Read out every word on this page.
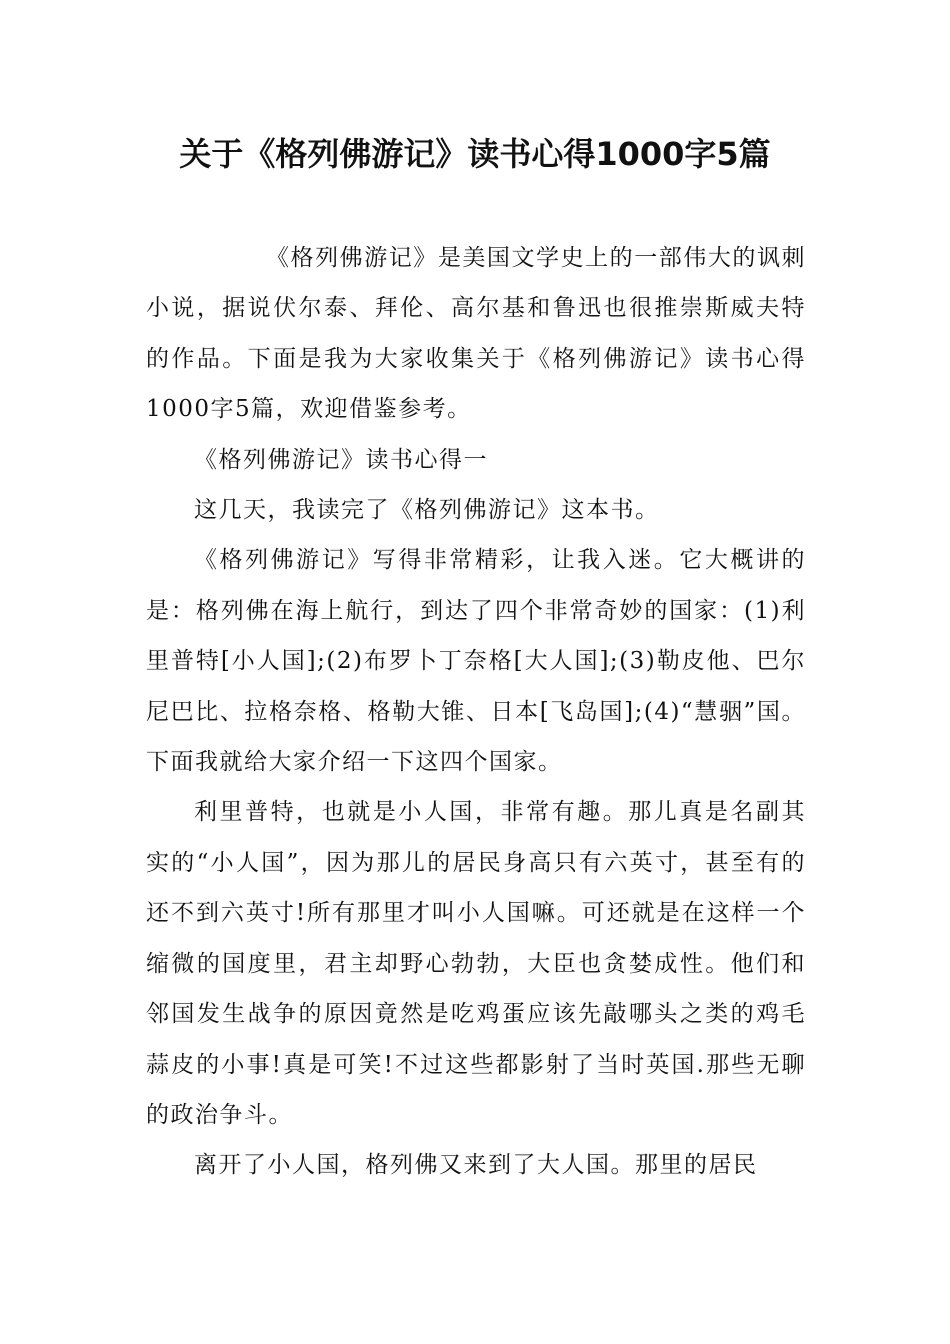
关于《格列佛游记》读书心得1000字5篇

《格列佛游记》是美国文学史上的一部伟大的讽刺小说，据说伏尔泰、拜伦、高尔基和鲁迅也很推崇斯威夫特的作品。下面是我为大家收集关于《格列佛游记》读书心得1000字5篇，欢迎借鉴参考。

《格列佛游记》读书心得一

这几天，我读完了《格列佛游记》这本书。

《格列佛游记》写得非常精彩，让我入迷。它大概讲的是：格列佛在海上航行，到达了四个非常奇妙的国家：(1)利里普特[小人国];(2)布罗卜丁奈格[大人国];(3)勒皮他、巴尔尼巴比、拉格奈格、格勒大锥、日本[飞岛国];(4)“慧骃”国。下面我就给大家介绍一下这四个国家。

利里普特，也就是小人国，非常有趣。那儿真是名副其实的“小人国”，因为那儿的居民身高只有六英寸，甚至有的还不到六英寸!所有那里才叫小人国嘛。可还就是在这样一个缩微的国度里，君主却野心勃勃，大臣也贪婪成性。他们和邻国发生战争的原因竟然是吃鸡蛋应该先敲哪头之类的鸡毛蒜皮的小事!真是可笑!不过这些都影射了当时英国.那些无聊的政治争斗。

离开了小人国，格列佛又来到了大人国。那里的居民
